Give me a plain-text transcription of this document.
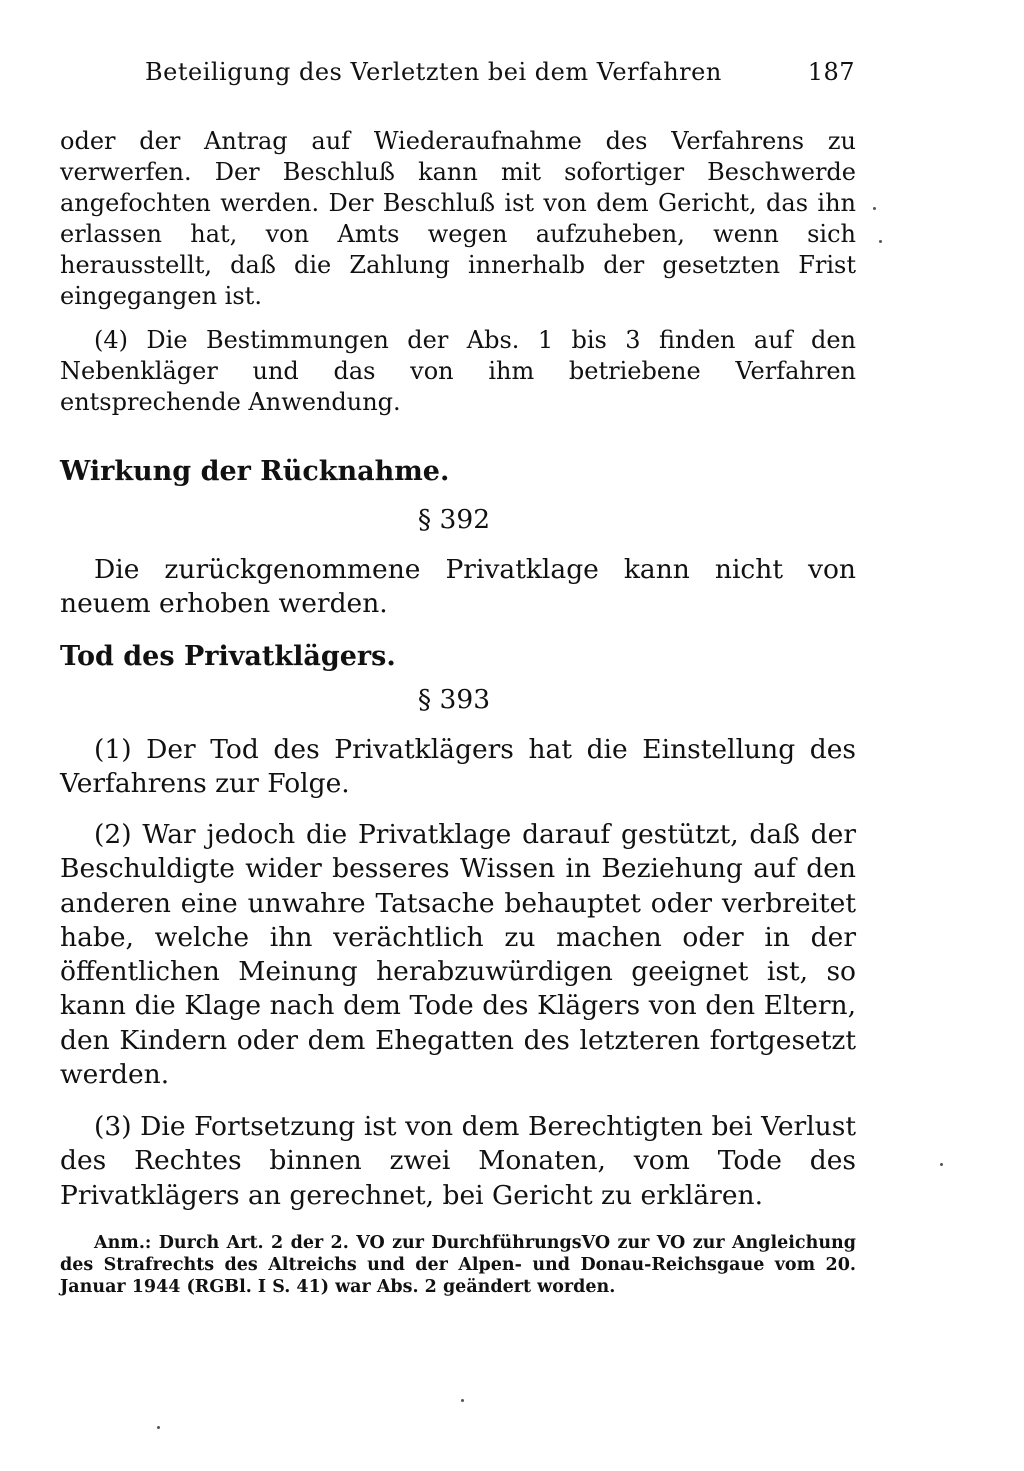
Beteiligung des Verletzten bei dem Verfahren	187
oder der Antrag auf Wiederaufnahme des Verfahrens zu verwerfen. Der Beschluß kann mit sofortiger Beschwerde angefochten werden. Der Beschluß ist von dem Gericht, das ihn erlassen hat, von Amts wegen aufzuheben, wenn sich herausstellt, daß die Zahlung innerhalb der gesetzten Frist eingegangen ist.
(4) Die Bestimmungen der Abs. 1 bis 3 finden auf den Nebenkläger und das von ihm betriebene Verfahren entsprechende Anwendung.
Wirkung der Rücknahme.
§ 392
Die zurückgenommene Privatklage kann nicht von neuem erhoben werden.
Tod des Privatklägers.
§ 393
(1) Der Tod des Privatklägers hat die Einstellung des Verfahrens zur Folge.
(2) War jedoch die Privatklage darauf gestützt, daß der Beschuldigte wider besseres Wissen in Beziehung auf den anderen eine unwahre Tatsache behauptet oder verbreitet habe, welche ihn verächtlich zu machen oder in der öffentlichen Meinung herabzuwürdigen geeignet ist, so kann die Klage nach dem Tode des Klägers von den Eltern, den Kindern oder dem Ehegatten des letzteren fortgesetzt werden.
(3) Die Fortsetzung ist von dem Berechtigten bei Verlust des Rechtes binnen zwei Monaten, vom Tode des Privatklägers an gerechnet, bei Gericht zu erklären.
Anm.: Durch Art. 2 der 2. VO zur DurchführungsVO zur VO zur Angleichung des Strafrechts des Altreichs und der Alpen- und Donau-Reichsgaue vom 20. Januar 1944 (RGBl. I S. 41) war Abs. 2 geändert worden.
